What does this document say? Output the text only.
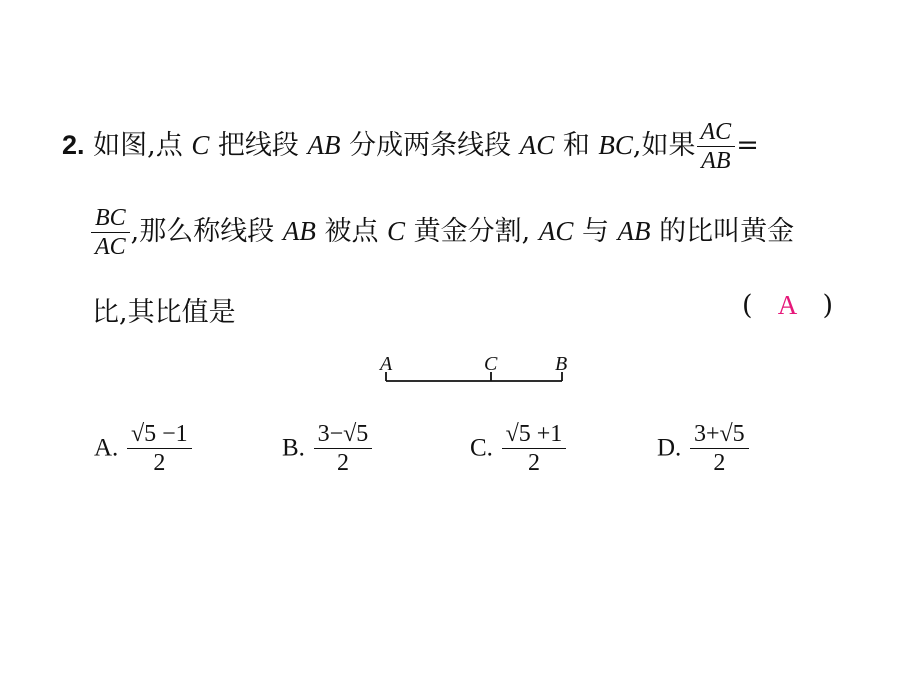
2. 如图,点 C 把线段 AB 分成两条线段 AC 和 BC,如果 $\frac{AC}{AB}$ =
$\frac{BC}{AC}$ ,那么称线段 AB 被点 C 黄金分割, AC 与 AB 的比叫黄金
比,其比值是	( A )
A	C	B
A. $\frac{√5 -1}{2}$	B. $\frac{3-√5}{2}$	C. $\frac{√5 +1}{2}$	D. $\frac{3+√5}{2}$
